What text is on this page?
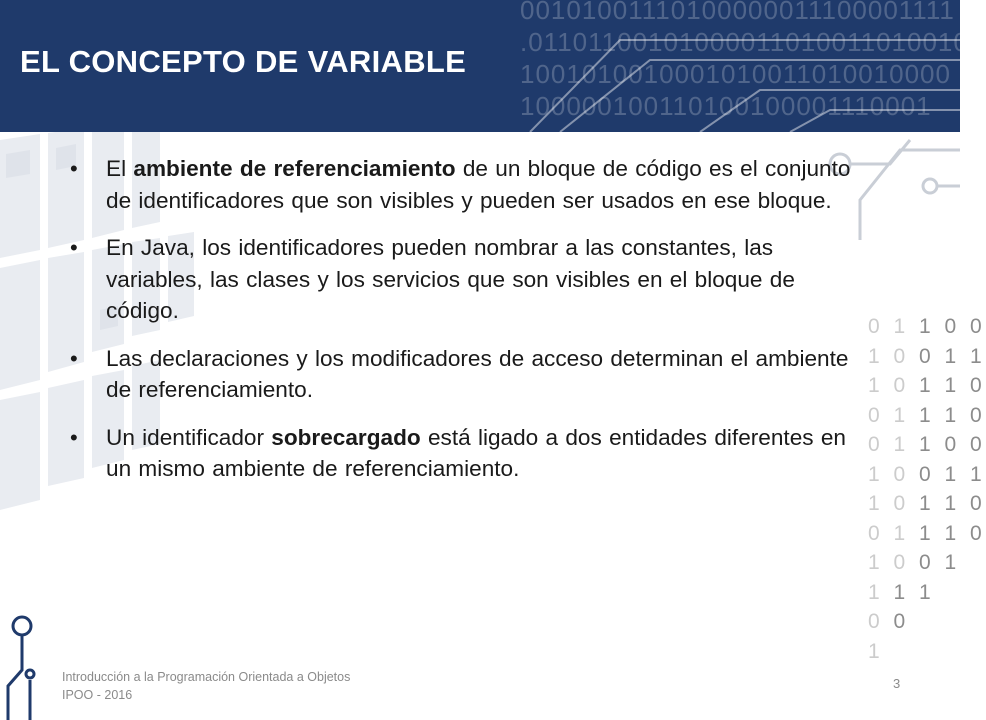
00101001110100000011100001111
.01101100101000011010011010010
1001010010001010011010010000
100000100110100100001110001
EL CONCEPTO DE VARIABLE
0 1 1 0 0
1 0 0 1 1
1 0 1 1 0
0 1 1 1 0
0 1 1 0 0
1 0 0 1 1
1 0 1 1 0
0 1 1 1 0
1 0 0 1
1 1 1
0 0
1
• El ambiente de referenciamiento de un bloque de código es el conjunto de identificadores que son visibles y pueden ser usados en ese bloque.
• En Java, los identificadores pueden nombrar a las constantes, las variables, las clases y los servicios que son visibles en el bloque de código.
• Las declaraciones y los modificadores de acceso determinan el ambiente de referenciamiento.
• Un identificador sobrecargado está ligado a dos entidades diferentes en un mismo ambiente de referenciamiento.
Introducción a la Programación Orientada a Objetos
IPOO - 2016
3
